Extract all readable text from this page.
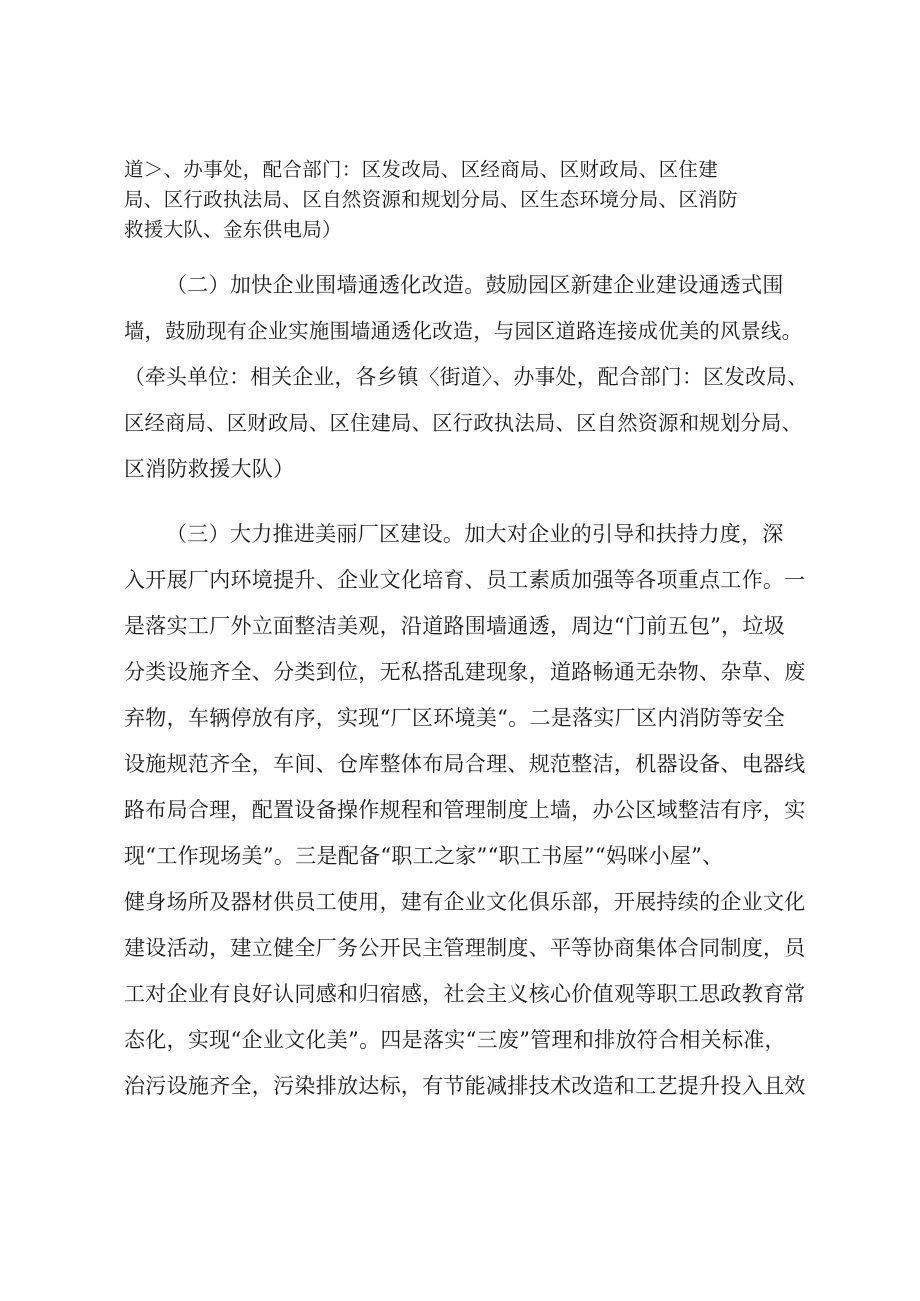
道＞、办事处，配合部门：区发改局、区经商局、区财政局、区住建
局、区行政执法局、区自然资源和规划分局、区生态环境分局、区消防
救援大队、金东供电局）
（二）加快企业围墙通透化改造。鼓励园区新建企业建设通透式围
墙，鼓励现有企业实施围墙通透化改造，与园区道路连接成优美的风景线。
（牵头单位：相关企业，各乡镇〈街道〉、办事处，配合部门：区发改局、
区经商局、区财政局、区住建局、区行政执法局、区自然资源和规划分局、
区消防救援大队）
（三）大力推进美丽厂区建设。加大对企业的引导和扶持力度，深
入开展厂内环境提升、企业文化培育、员工素质加强等各项重点工作。一
是落实工厂外立面整洁美观，沿道路围墙通透，周边“门前五包”，垃圾
分类设施齐全、分类到位，无私搭乱建现象，道路畅通无杂物、杂草、废
弃物，车辆停放有序，实现“厂区环境美“。二是落实厂区内消防等安全
设施规范齐全，车间、仓库整体布局合理、规范整洁，机器设备、电器线
路布局合理，配置设备操作规程和管理制度上墙，办公区域整洁有序，实
现“工作现场美”。三是配备“职工之家”“职工书屋”“妈咪小屋”、
健身场所及器材供员工使用，建有企业文化俱乐部，开展持续的企业文化
建设活动，建立健全厂务公开民主管理制度、平等协商集体合同制度，员
工对企业有良好认同感和归宿感，社会主义核心价值观等职工思政教育常
态化，实现“企业文化美”。四是落实“三废”管理和排放符合相关标准，
治污设施齐全，污染排放达标，有节能减排技术改造和工艺提升投入且效
